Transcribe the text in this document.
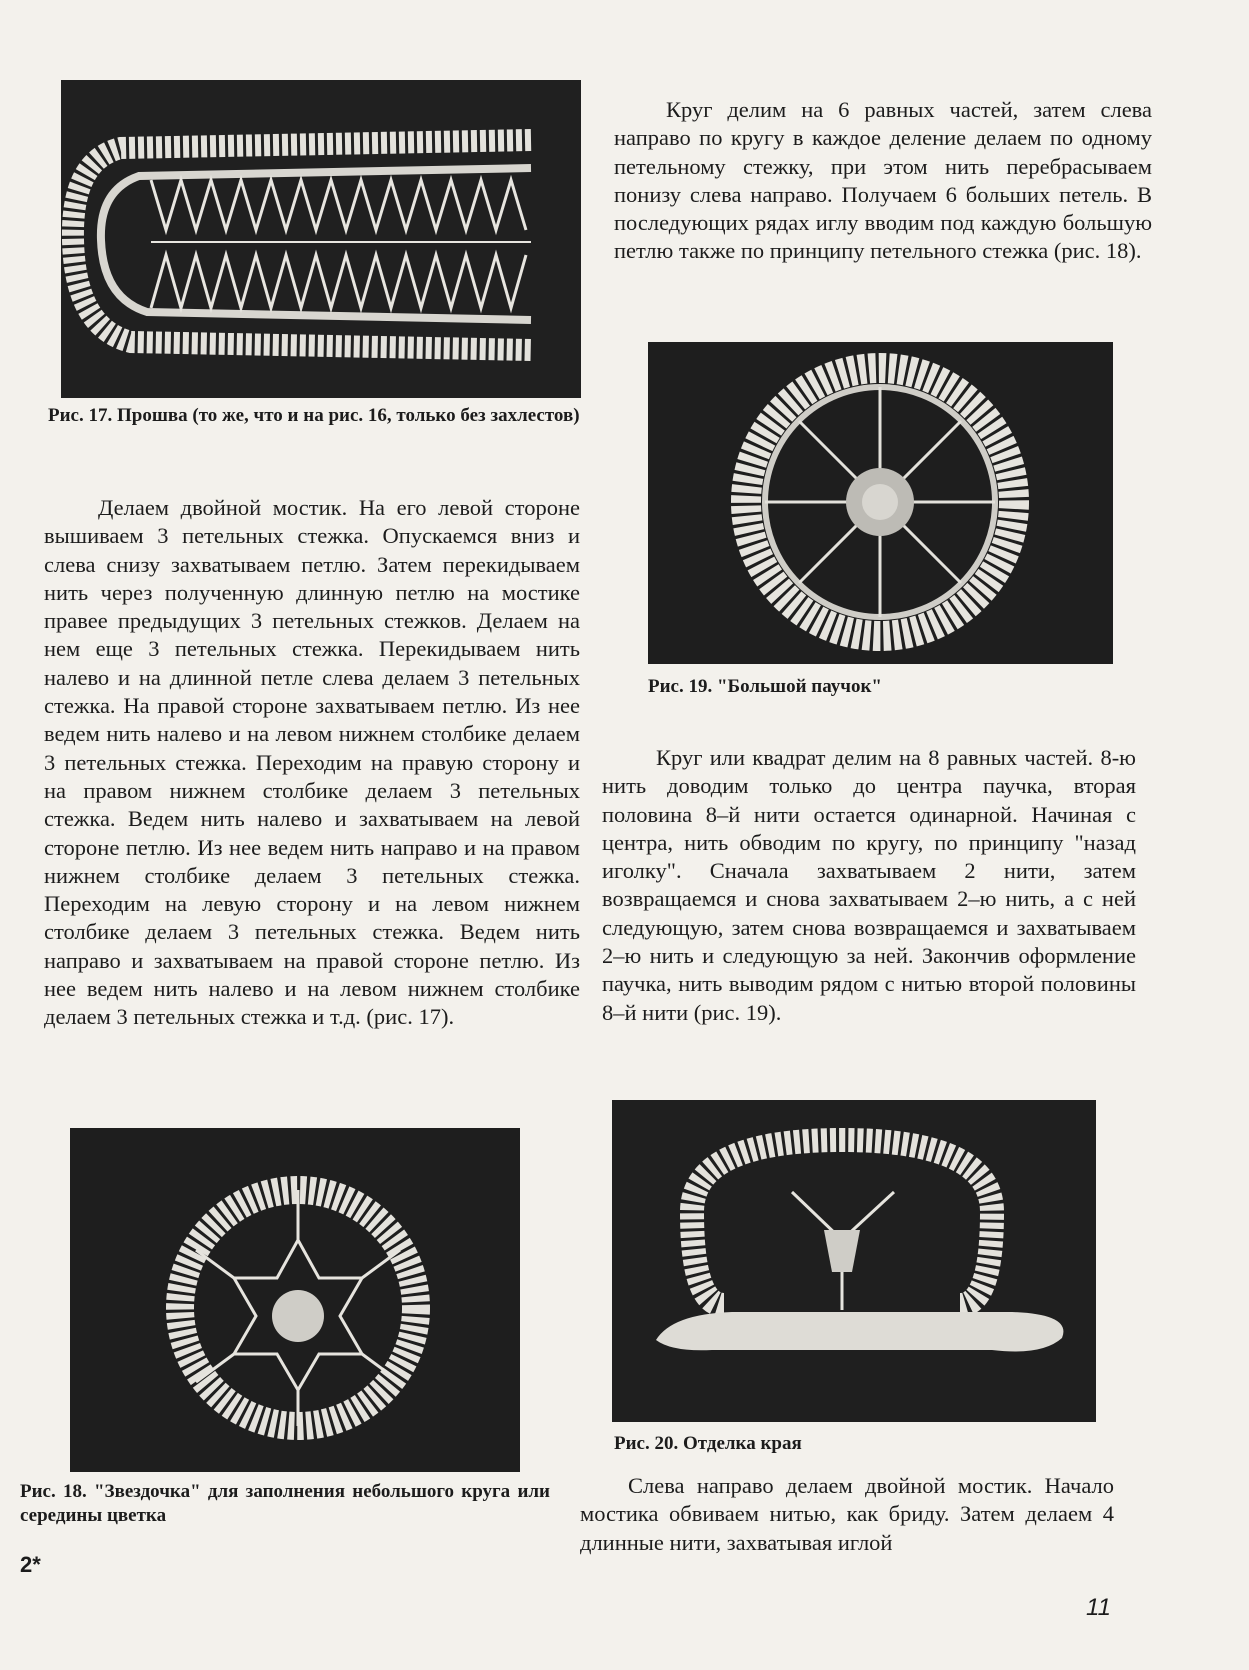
Рис. 17. Прошва (то же, что и на рис. 16, только без захлестов)

Круг делим на 6 равных частей, затем слева направо по кругу в каждое деление делаем по одному петельному стежку, при этом нить перебрасываем понизу слева направо. Получаем 6 больших петель. В последующих рядах иглу вводим под каждую большую петлю также по принципу петельного стежка (рис. 18).

Рис. 19. "Большой паучок"

Делаем двойной мостик. На его левой стороне вышиваем 3 петельных стежка. Опускаемся вниз и слева снизу захватываем петлю. Затем перекидываем нить через полученную длинную петлю на мостике правее предыдущих 3 петельных стежков. Делаем на нем еще 3 петельных стежка. Перекидываем нить налево и на длинной петле слева делаем 3 петельных стежка. На правой стороне захватываем петлю. Из нее ведем нить налево и на левом нижнем столбике делаем 3 петельных стежка. Переходим на правую сторону и на правом нижнем столбике делаем 3 петельных стежка. Ведем нить налево и захватываем на левой стороне петлю. Из нее ведем нить направо и на правом нижнем столбике делаем 3 петельных стежка. Переходим на левую сторону и на левом нижнем столбике делаем 3 петельных стежка. Ведем нить направо и захватываем на правой стороне петлю. Из нее ведем нить налево и на левом нижнем столбике делаем 3 петельных стежка и т.д. (рис. 17).

Круг или квадрат делим на 8 равных частей. 8-ю нить доводим только до центра паучка, вторая половина 8–й нити остается одинарной. Начиная с центра, нить обводим по кругу, по принципу "назад иголку". Сначала захватываем 2 нити, затем возвращаемся и снова захватываем 2–ю нить, а с ней следующую, затем снова возвращаемся и захватываем 2–ю нить и следующую за ней. Закончив оформление паучка, нить выводим рядом с нитью второй половины 8–й нити (рис. 19).

Рис. 18. "Звездочка" для заполнения небольшого круга или середины цветка

Рис. 20. Отделка края

Слева направо делаем двойной мостик. Начало мостика обвиваем нитью, как бриду. Затем делаем 4 длинные нити, захватывая иглой

2*
11
